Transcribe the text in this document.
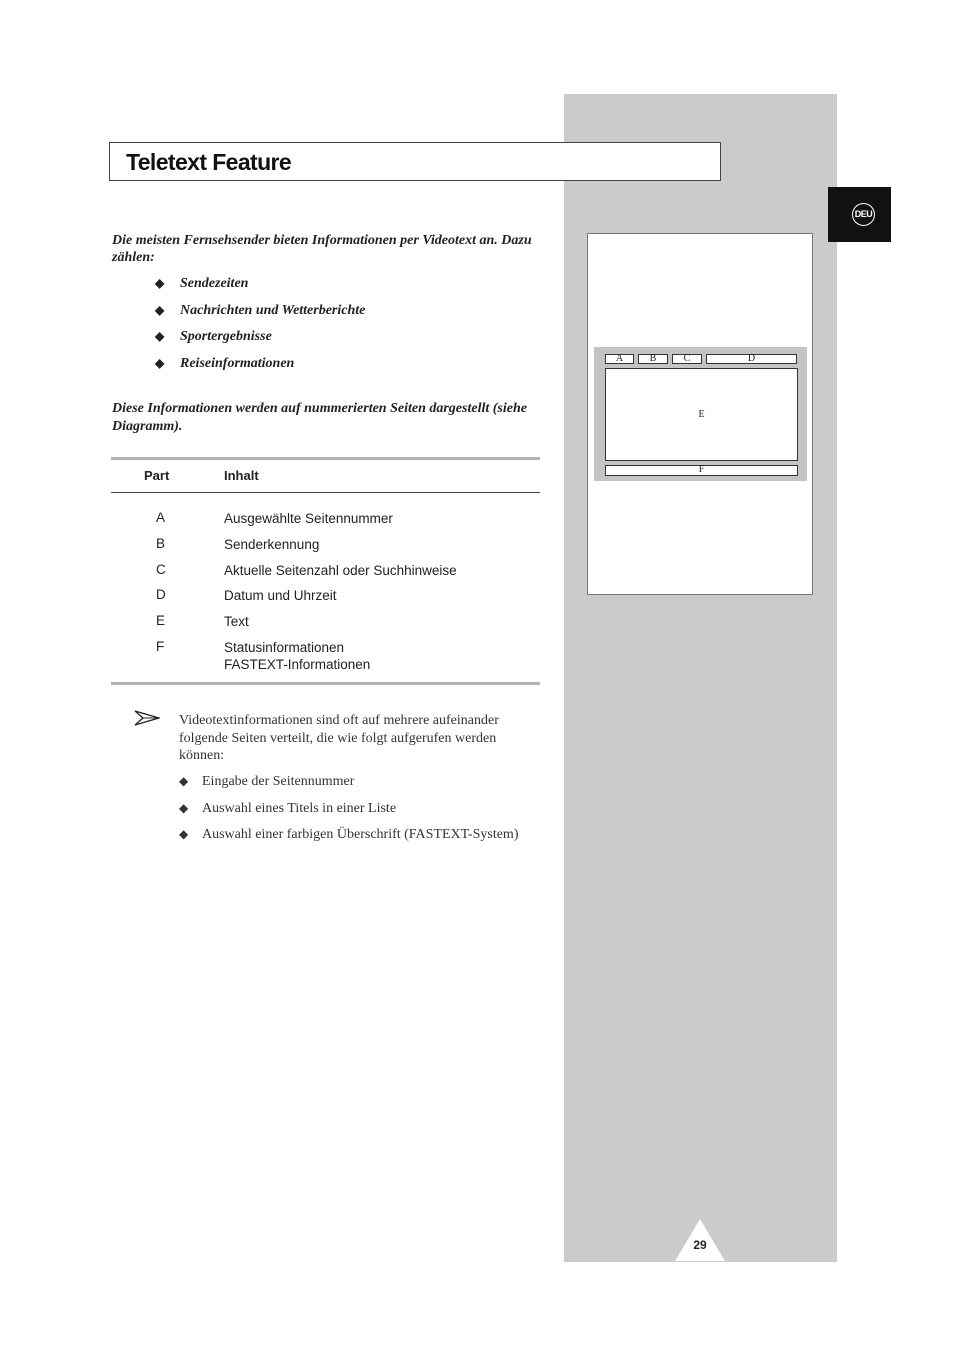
Teletext Feature
DEU
Die meisten Fernsehsender bieten Informationen per Videotext an. Dazu zählen:
◆	Sendezeiten
◆	Nachrichten und Wetterberichte
◆	Sportergebnisse
◆	Reiseinformationen
Diese Informationen werden auf nummerierten Seiten dargestellt (siehe Diagramm).
Part	Inhalt
A	Ausgewählte Seitennummer
B	Senderkennung
C	Aktuelle Seitenzahl oder Suchhinweise
D	Datum und Uhrzeit
E	Text
F	Statusinformationen
FASTEXT-Informationen
Videotextinformationen sind oft auf mehrere aufeinander folgende Seiten verteilt, die wie folgt aufgerufen werden können:
◆ Eingabe der Seitennummer
◆ Auswahl eines Titels in einer Liste
◆ Auswahl einer farbigen Überschrift (FASTEXT-System)
A	B	C	D
E
F
29
